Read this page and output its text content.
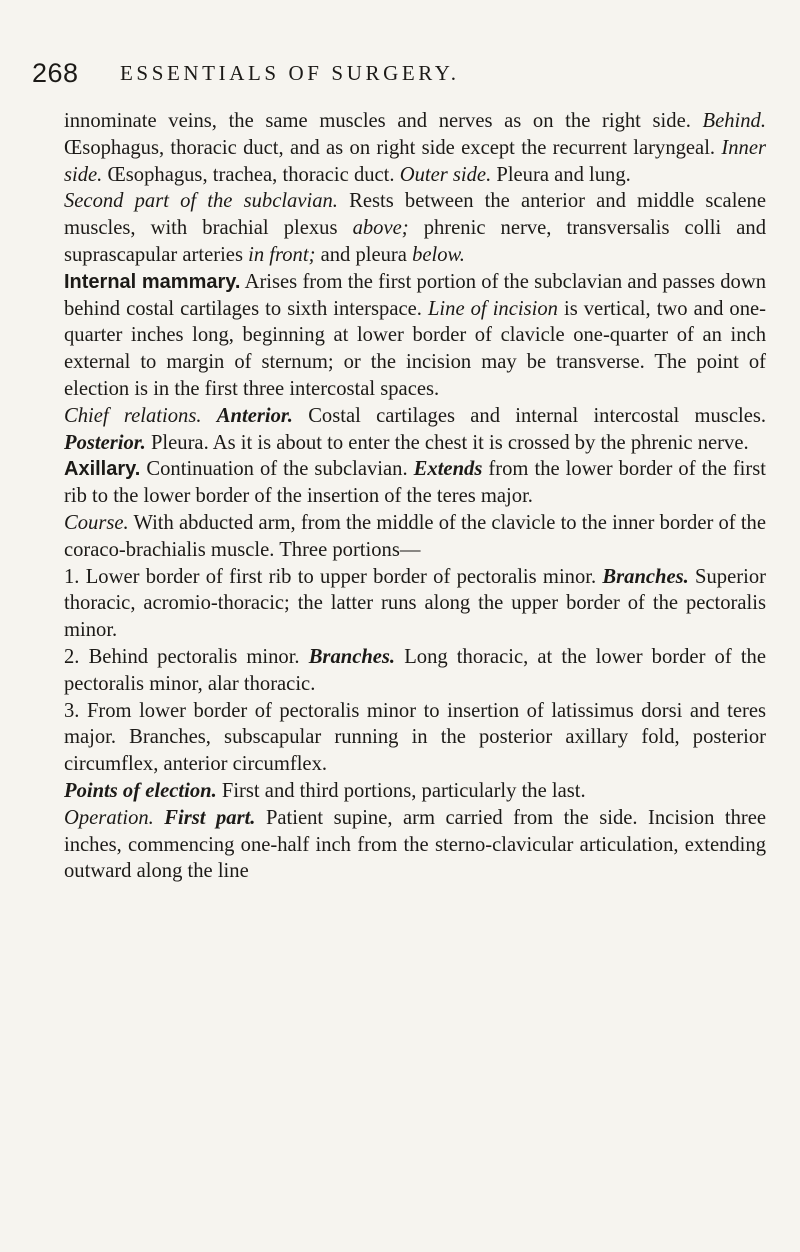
268 ESSENTIALS OF SURGERY.

innominate veins, the same muscles and nerves as on the right side. Behind. Œsophagus, thoracic duct, and as on right side except the recurrent laryngeal. Inner side. Œsophagus, trachea, thoracic duct. Outer side. Pleura and lung.

Second part of the subclavian. Rests between the anterior and middle scalene muscles, with brachial plexus above; phrenic nerve, transversalis colli and suprascapular arteries in front; and pleura below.

Internal mammary. Arises from the first portion of the subclavian and passes down behind costal cartilages to sixth interspace. Line of incision is vertical, two and one-quarter inches long, beginning at lower border of clavicle one-quarter of an inch external to margin of sternum; or the incision may be transverse. The point of election is in the first three intercostal spaces.

Chief relations. Anterior. Costal cartilages and internal intercostal muscles. Posterior. Pleura. As it is about to enter the chest it is crossed by the phrenic nerve.

Axillary. Continuation of the subclavian. Extends from the lower border of the first rib to the lower border of the insertion of the teres major.

Course. With abducted arm, from the middle of the clavicle to the inner border of the coraco-brachialis muscle. Three portions—

1. Lower border of first rib to upper border of pectoralis minor. Branches. Superior thoracic, acromio-thoracic; the latter runs along the upper border of the pectoralis minor.

2. Behind pectoralis minor. Branches. Long thoracic, at the lower border of the pectoralis minor, alar thoracic.

3. From lower border of pectoralis minor to insertion of latissimus dorsi and teres major. Branches, subscapular running in the posterior axillary fold, posterior circumflex, anterior circumflex.

Points of election. First and third portions, particularly the last.

Operation. First part. Patient supine, arm carried from the side. Incision three inches, commencing one-half inch from the sterno-clavicular articulation, extending outward along the line
